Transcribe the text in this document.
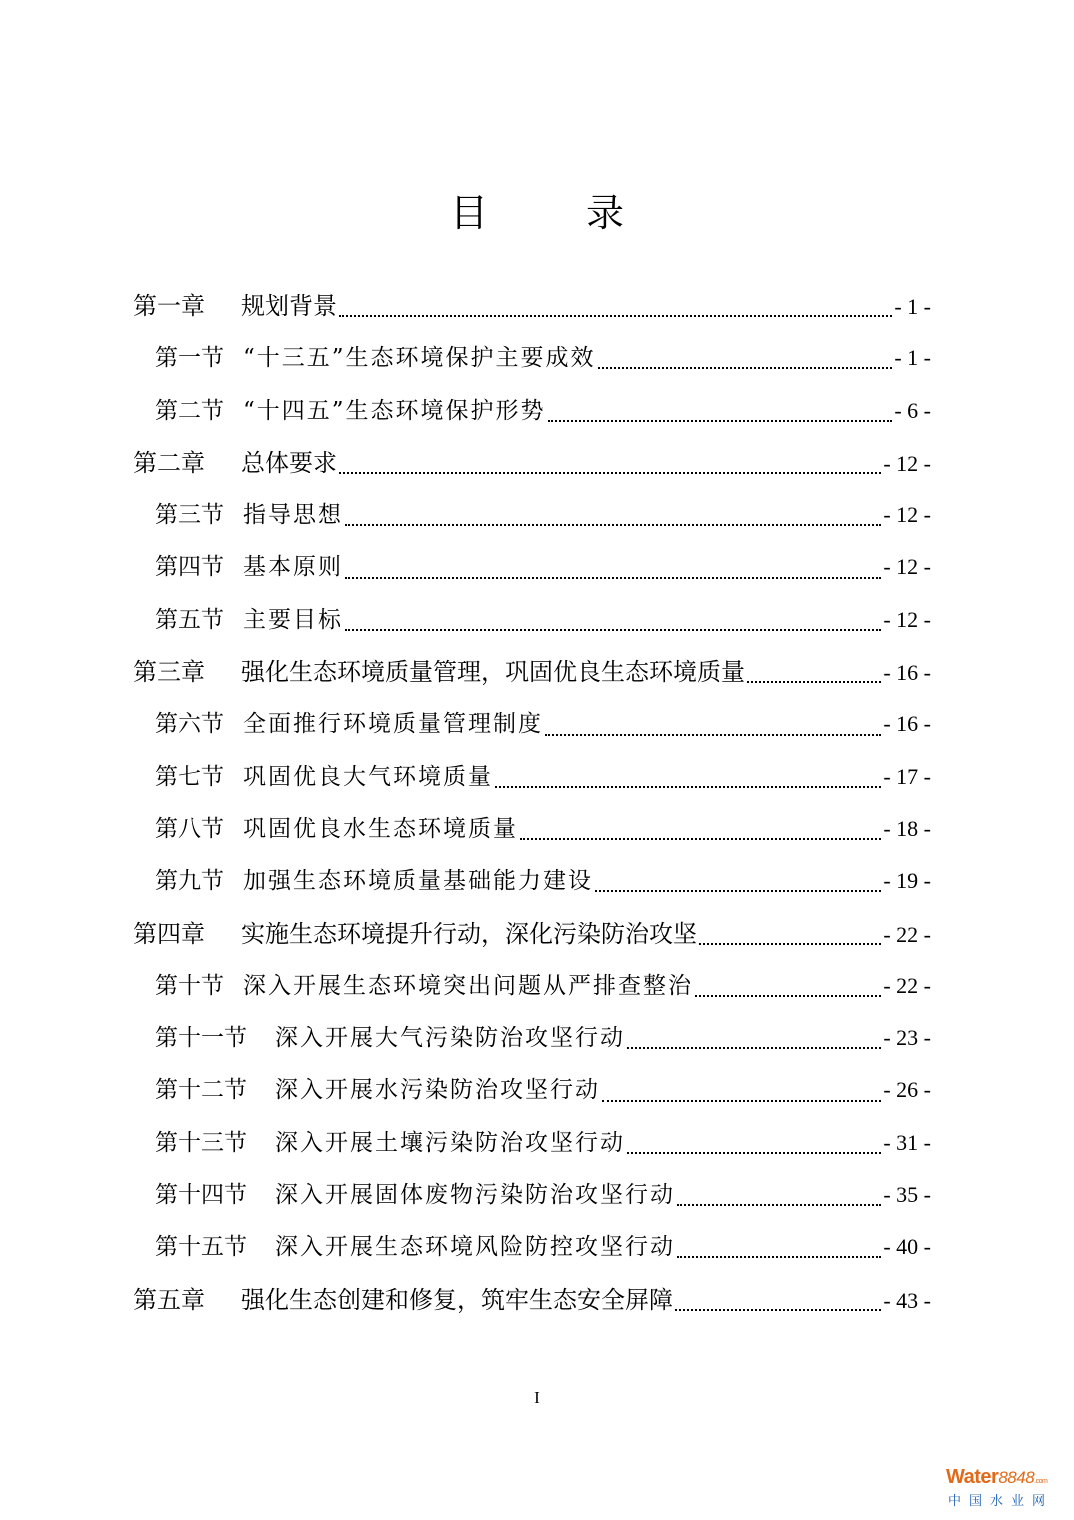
目　录
第一章	规划背景	- 1 -
第一节 “十三五”生态环境保护主要成效	- 1 -
第二节 “十四五”生态环境保护形势	- 6 -
第二章	总体要求	- 12 -
第三节 指导思想	- 12 -
第四节 基本原则	- 12 -
第五节 主要目标	- 12 -
第三章	强化生态环境质量管理，巩固优良生态环境质量	- 16 -
第六节 全面推行环境质量管理制度	- 16 -
第七节 巩固优良大气环境质量	- 17 -
第八节 巩固优良水生态环境质量	- 18 -
第九节 加强生态环境质量基础能力建设	- 19 -
第四章	实施生态环境提升行动，深化污染防治攻坚	- 22 -
第十节 深入开展生态环境突出问题从严排查整治	- 22 -
第十一节	深入开展大气污染防治攻坚行动	- 23 -
第十二节	深入开展水污染防治攻坚行动	- 26 -
第十三节	深入开展土壤污染防治攻坚行动	- 31 -
第十四节	深入开展固体废物污染防治攻坚行动	- 35 -
第十五节	深入开展生态环境风险防控攻坚行动	- 40 -
第五章	强化生态创建和修复，筑牢生态安全屏障	- 43 -
I
Water8848.com
中国水业网
